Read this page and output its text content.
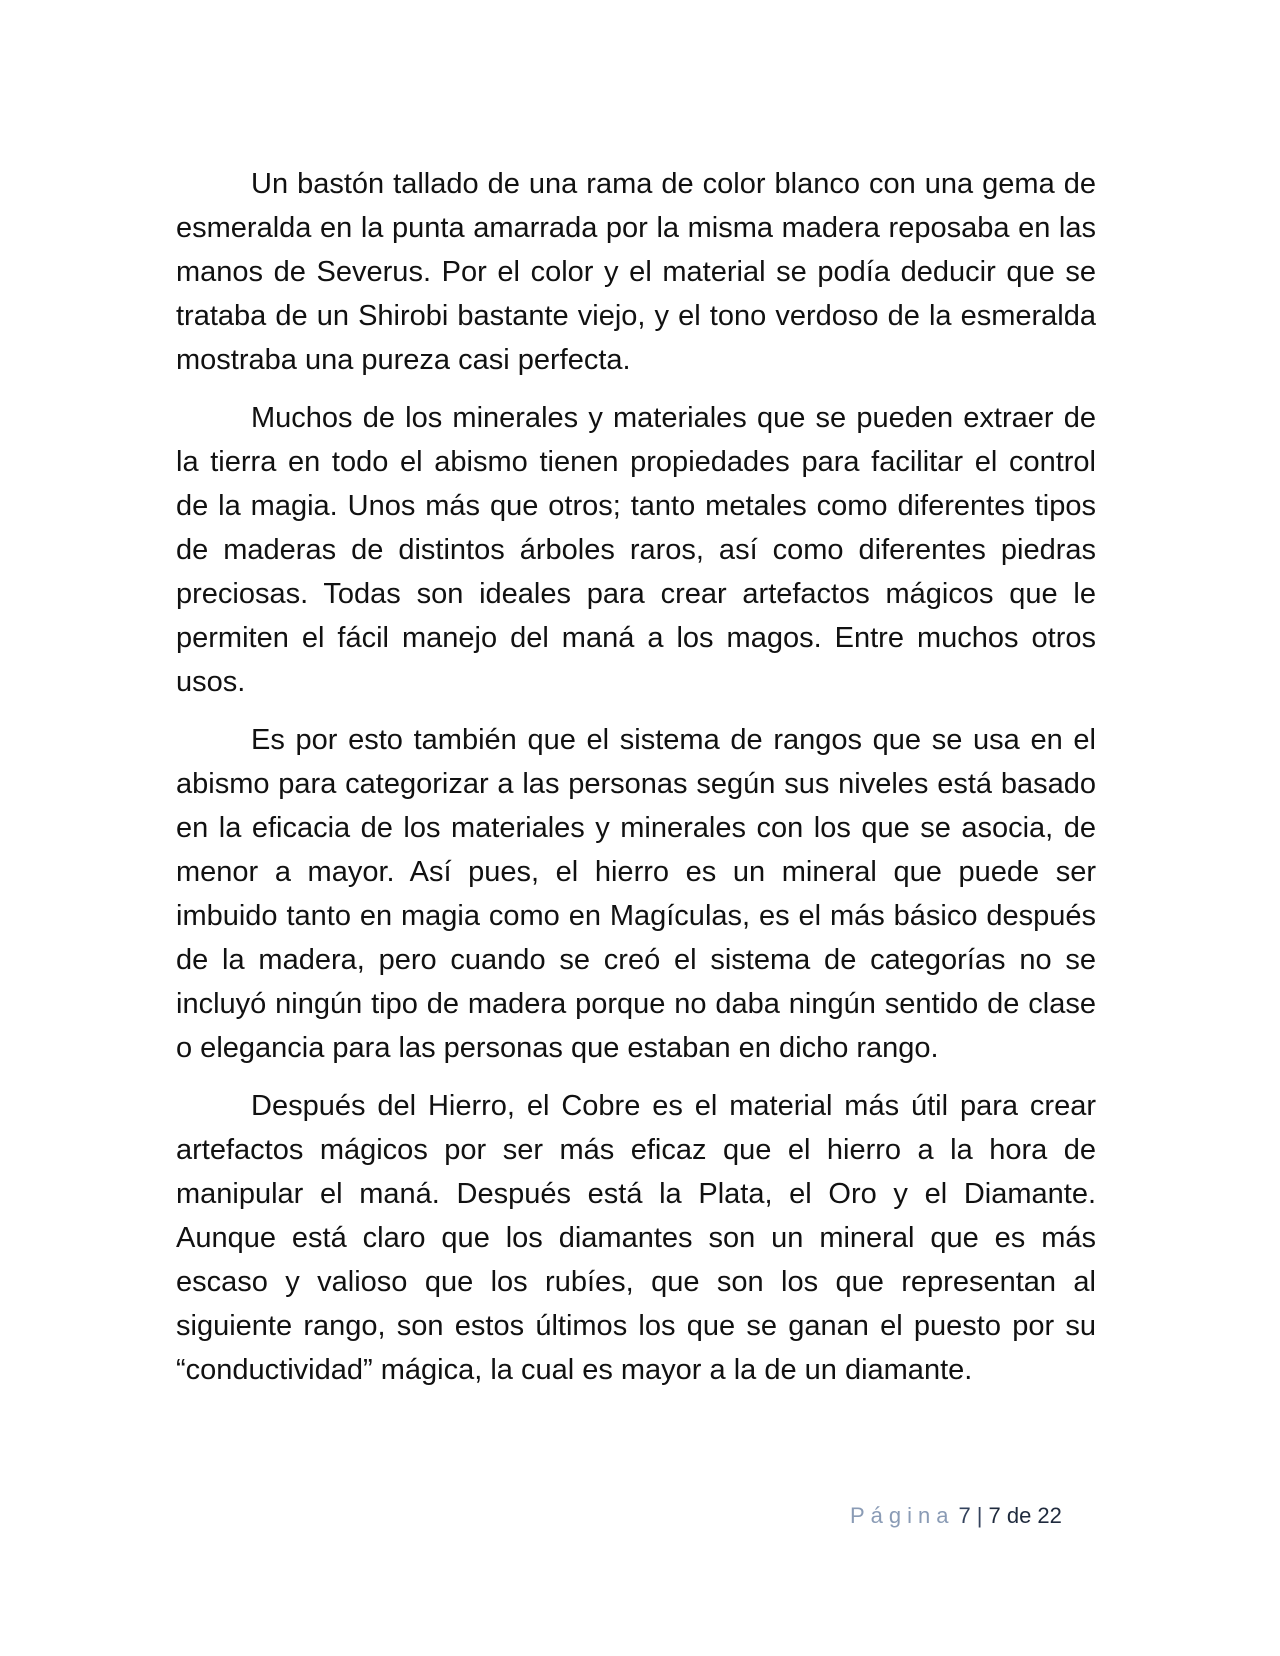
Un bastón tallado de una rama de color blanco con una gema de esmeralda en la punta amarrada por la misma madera reposaba en las manos de Severus. Por el color y el material se podía deducir que se trataba de un Shirobi bastante viejo, y el tono verdoso de la esmeralda mostraba una pureza casi perfecta.

Muchos de los minerales y materiales que se pueden extraer de la tierra en todo el abismo tienen propiedades para facilitar el control de la magia. Unos más que otros; tanto metales como diferentes tipos de maderas de distintos árboles raros, así como diferentes piedras preciosas. Todas son ideales para crear artefactos mágicos que le permiten el fácil manejo del maná a los magos. Entre muchos otros usos.

Es por esto también que el sistema de rangos que se usa en el abismo para categorizar a las personas según sus niveles está basado en la eficacia de los materiales y minerales con los que se asocia, de menor a mayor. Así pues, el hierro es un mineral que puede ser imbuido tanto en magia como en Magículas, es el más básico después de la madera, pero cuando se creó el sistema de categorías no se incluyó ningún tipo de madera porque no daba ningún sentido de clase o elegancia para las personas que estaban en dicho rango.

Después del Hierro, el Cobre es el material más útil para crear artefactos mágicos por ser más eficaz que el hierro a la hora de manipular el maná. Después está la Plata, el Oro y el Diamante. Aunque está claro que los diamantes son un mineral que es más escaso y valioso que los rubíes, que son los que representan al siguiente rango, son estos últimos los que se ganan el puesto por su “conductividad” mágica, la cual es mayor a la de un diamante.

Página 7 | 7 de 22
